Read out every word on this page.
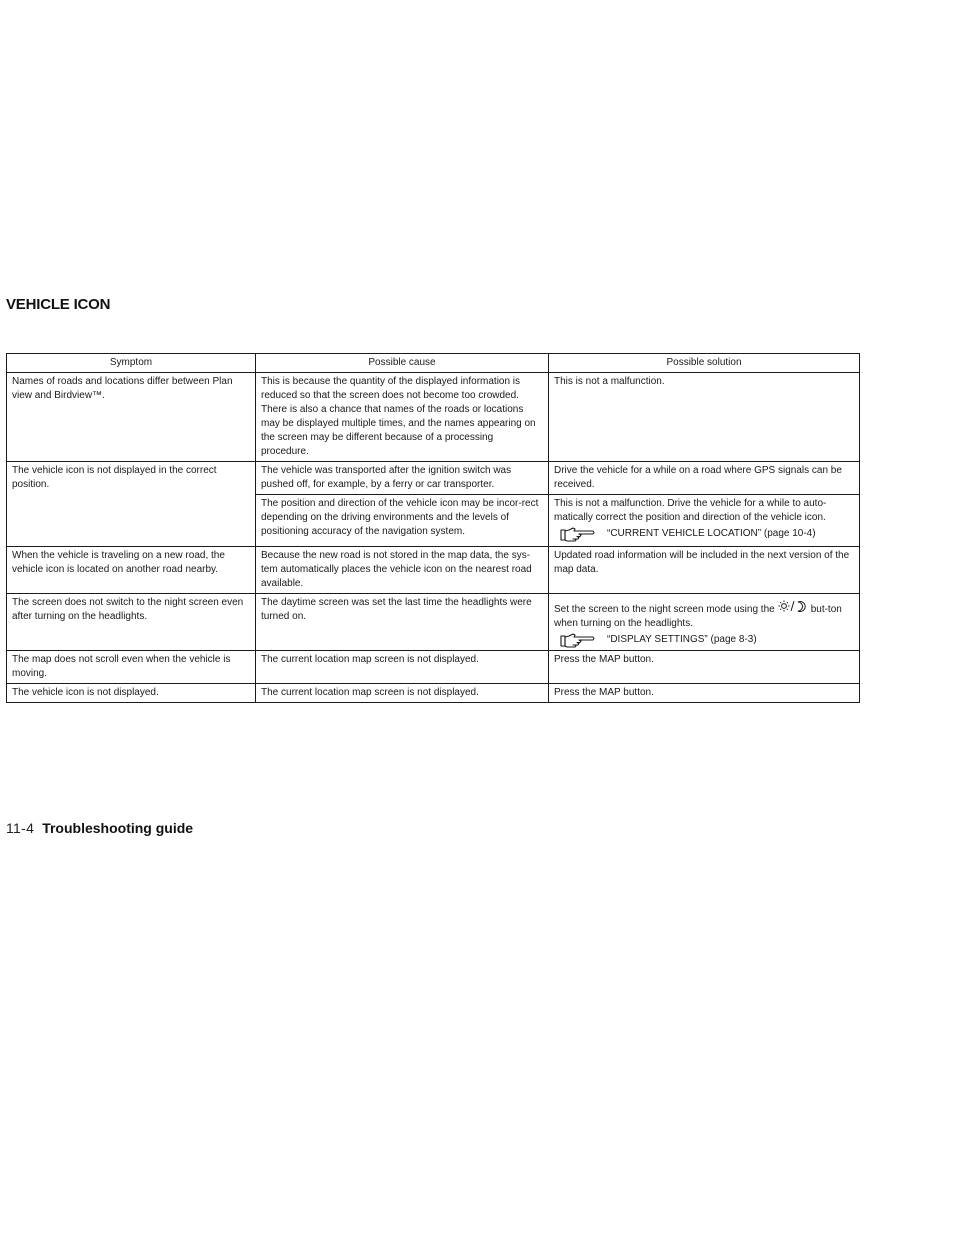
VEHICLE ICON
Symptom	Possible cause	Possible solution
Names of roads and locations differ between Plan view and Birdview™.	This is because the quantity of the displayed information is reduced so that the screen does not become too crowded. There is also a chance that names of the roads or locations may be displayed multiple times, and the names appearing on the screen may be different because of a processing procedure.	This is not a malfunction.
The vehicle icon is not displayed in the correct position.	The vehicle was transported after the ignition switch was pushed off, for example, by a ferry or car transporter.	Drive the vehicle for a while on a road where GPS signals can be received.
	The position and direction of the vehicle icon may be incor-rect depending on the driving environments and the levels of positioning accuracy of the navigation system.	This is not a malfunction. Drive the vehicle for a while to auto-matically correct the position and direction of the vehicle icon.
“CURRENT VEHICLE LOCATION” (page 10-4)

When the vehicle is traveling on a new road, the vehicle icon is located on another road nearby.	Because the new road is not stored in the map data, the sys-tem automatically places the vehicle icon on the nearest road available.	Updated road information will be included in the next version of the map data.
The screen does not switch to the night screen even after turning on the headlights.	The daytime screen was set the last time the headlights were turned on.	Set the screen to the night screen mode using the but-ton when turning on the headlights.
“DISPLAY SETTINGS” (page 8-3)

The map does not scroll even when the vehicle is moving.	The current location map screen is not displayed.	Press the MAP button.
The vehicle icon is not displayed.	The current location map screen is not displayed.	Press the MAP button.
11-4 Troubleshooting guide
